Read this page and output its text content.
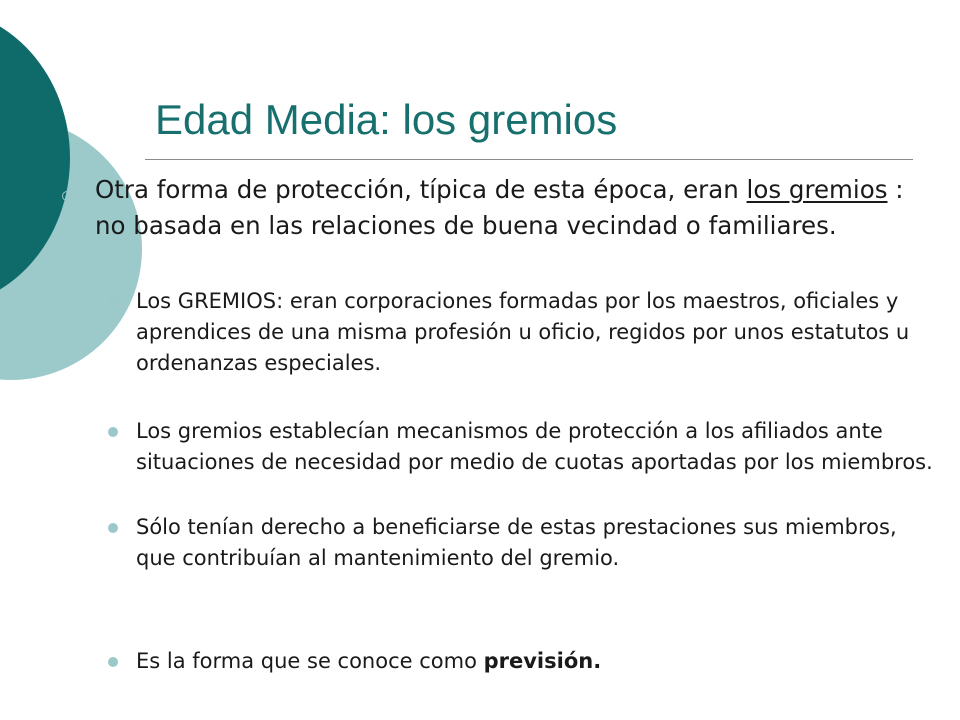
Edad Media: los gremios
Otra forma de protección, típica de esta época, eran los gremios : no basada en las relaciones de buena vecindad o familiares.
Los GREMIOS: eran corporaciones formadas por los maestros, oficiales y aprendices de una misma profesión u oficio, regidos por unos estatutos u ordenanzas especiales.
Los gremios establecían mecanismos de protección a los afiliados ante situaciones de necesidad por medio de cuotas aportadas por los miembros.
Sólo tenían derecho a beneficiarse de estas prestaciones sus miembros, que contribuían al mantenimiento del gremio.
Es la forma que se conoce como previsión.
